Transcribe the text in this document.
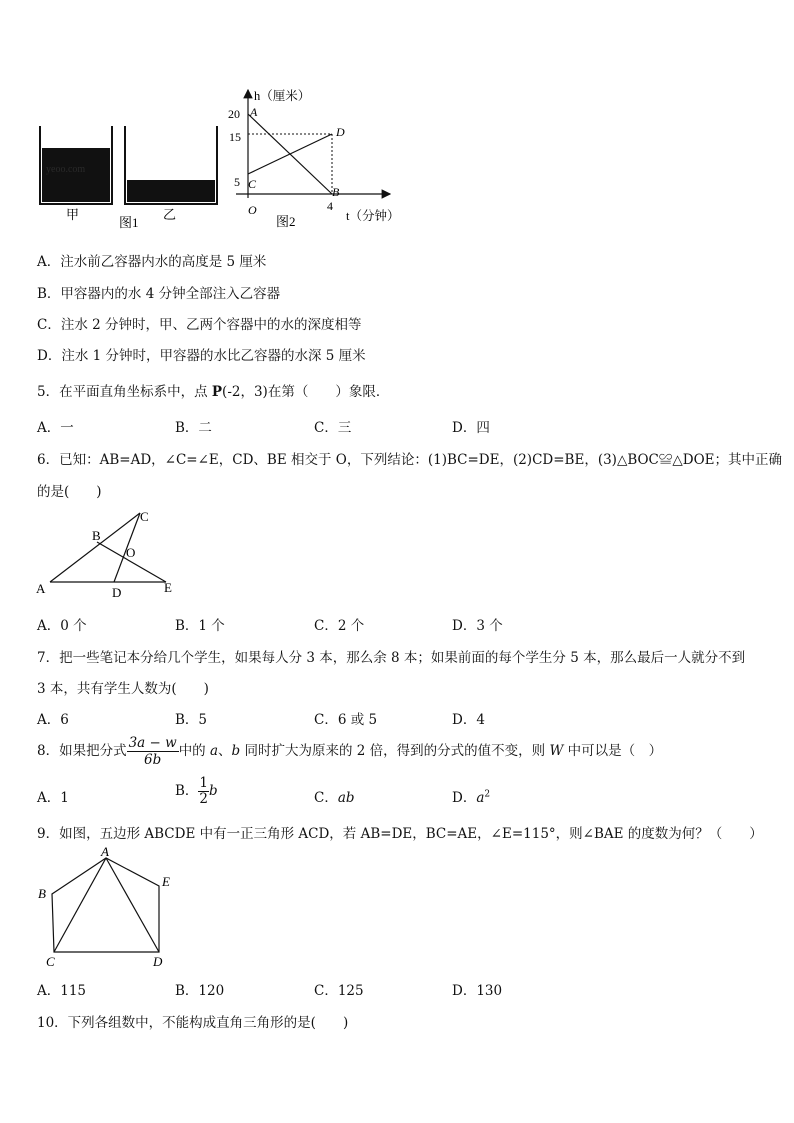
yeoo.com
甲
图1
乙
20
15
5
4
O
A
C
D
B
h（厘米）
t（分钟）
图2
A．注水前乙容器内水的高度是 5 厘米
B．甲容器内的水 4 分钟全部注入乙容器
C．注水 2 分钟时，甲、乙两个容器中的水的深度相等
D．注水 1 分钟时，甲容器的水比乙容器的水深 5 厘米
5．在平面直角坐标系中，点 P(-2，3)在第（　　）象限．
A．一	B．二	C．三	D．四
6．已知：AB=AD，∠C=∠E，CD、BE 相交于 O，下列结论：(1)BC=DE，(2)CD=BE，(3)△BOC≌△DOE；其中正确
的是(　　)
A
B
C
D	E
O
A．0 个	B．1 个	C．2 个	D．3 个
7．把一些笔记本分给几个学生，如果每人分 3 本，那么余 8 本；如果前面的每个学生分 5 本，那么最后一人就分不到
3 本，共有学生人数为(　　)
A．6	B．5	C．6 或 5	D．4
8．如果把分式 $\frac{3a - w}{6b}$ 中的 a、b 同时扩大为原来的 2 倍，得到的分式的值不变，则 W 中可以是（　）
A．1	B． $\frac{1}{2}$ b	C．ab	D．$a^2$
9．如图，五边形 ABCDE 中有一正三角形 ACD，若 AB=DE，BC=AE，∠E=115°，则∠BAE 的度数为何？（　　）
A
B
C	D
E
A．115	B．120	C．125	D．130
10．下列各组数中，不能构成直角三角形的是(　　)
